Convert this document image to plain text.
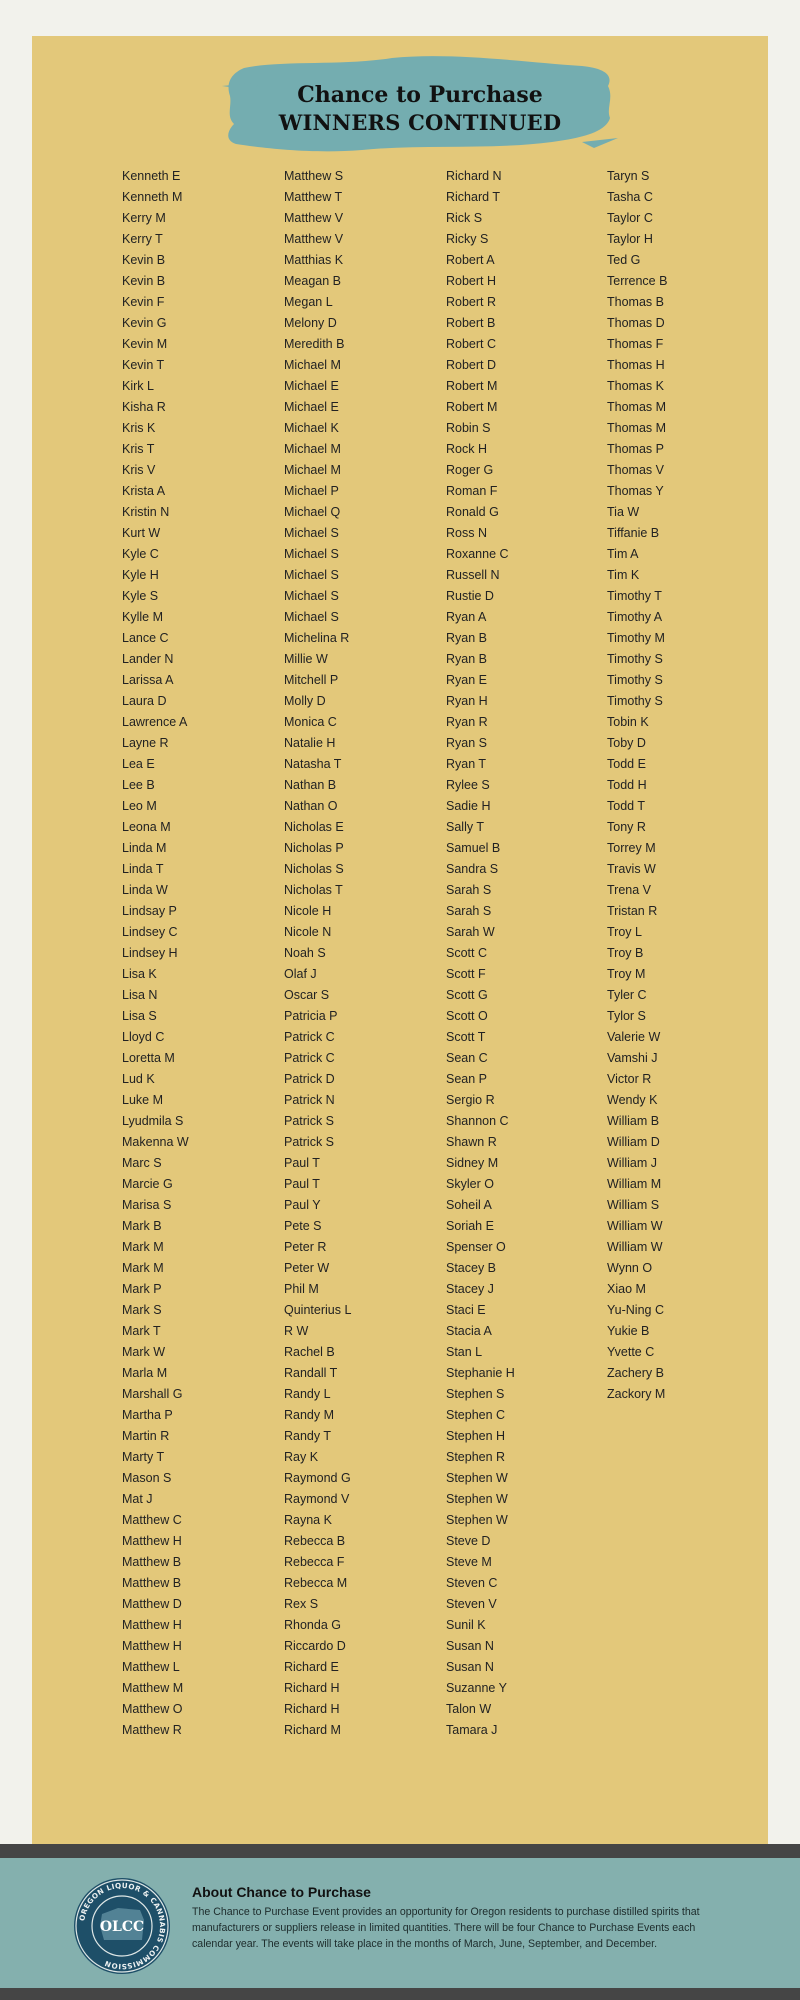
Chance to Purchase
WINNERS CONTINUED
Kenneth E
Kenneth M
Kerry M
Kerry T
Kevin B
Kevin B
Kevin F
Kevin G
Kevin M
Kevin T
Kirk L
Kisha R
Kris K
Kris T
Kris V
Krista A
Kristin N
Kurt W
Kyle C
Kyle H
Kyle S
Kylle M
Lance C
Lander N
Larissa A
Laura D
Lawrence A
Layne R
Lea E
Lee B
Leo M
Leona M
Linda M
Linda T
Linda W
Lindsay P
Lindsey C
Lindsey H
Lisa K
Lisa N
Lisa S
Lloyd C
Loretta M
Lud K
Luke M
Lyudmila S
Makenna W
Marc S
Marcie G
Marisa S
Mark B
Mark M
Mark M
Mark P
Mark S
Mark T
Mark W
Marla M
Marshall G
Martha P
Martin R
Marty T
Mason S
Mat J
Matthew C
Matthew H
Matthew B
Matthew B
Matthew D
Matthew H
Matthew H
Matthew L
Matthew M
Matthew O
Matthew R
Matthew S
Matthew T
Matthew V
Matthew V
Matthias K
Meagan B
Megan L
Melony D
Meredith B
Michael M
Michael E
Michael E
Michael K
Michael M
Michael M
Michael P
Michael Q
Michael S
Michael S
Michael S
Michael S
Michael S
Michelina R
Millie W
Mitchell P
Molly D
Monica C
Natalie H
Natasha T
Nathan B
Nathan O
Nicholas E
Nicholas P
Nicholas S
Nicholas T
Nicole H
Nicole N
Noah S
Olaf J
Oscar S
Patricia P
Patrick C
Patrick C
Patrick D
Patrick N
Patrick S
Patrick S
Paul T
Paul T
Paul Y
Pete S
Peter R
Peter W
Phil M
Quinterius L
R W
Rachel B
Randall T
Randy L
Randy M
Randy T
Ray K
Raymond G
Raymond V
Rayna K
Rebecca B
Rebecca F
Rebecca M
Rex S
Rhonda G
Riccardo D
Richard E
Richard H
Richard H
Richard M
Richard N
Richard T
Rick S
Ricky S
Robert A
Robert H
Robert R
Robert B
Robert C
Robert D
Robert M
Robert M
Robin S
Rock H
Roger G
Roman F
Ronald G
Ross N
Roxanne C
Russell N
Rustie D
Ryan A
Ryan B
Ryan B
Ryan E
Ryan H
Ryan R
Ryan S
Ryan T
Rylee S
Sadie H
Sally T
Samuel B
Sandra S
Sarah S
Sarah S
Sarah W
Scott C
Scott F
Scott G
Scott O
Scott T
Sean C
Sean P
Sergio R
Shannon C
Shawn R
Sidney M
Skyler O
Soheil A
Soriah E
Spenser O
Stacey B
Stacey J
Staci E
Stacia A
Stan L
Stephanie H
Stephen S
Stephen C
Stephen H
Stephen R
Stephen W
Stephen W
Stephen W
Steve D
Steve M
Steven C
Steven V
Sunil K
Susan N
Susan N
Suzanne Y
Talon W
Tamara J
Taryn S
Tasha C
Taylor C
Taylor H
Ted G
Terrence B
Thomas B
Thomas D
Thomas F
Thomas H
Thomas K
Thomas M
Thomas M
Thomas P
Thomas V
Thomas Y
Tia W
Tiffanie B
Tim A
Tim K
Timothy T
Timothy A
Timothy M
Timothy S
Timothy S
Timothy S
Tobin K
Toby D
Todd E
Todd H
Todd T
Tony R
Torrey M
Travis W
Trena V
Tristan R
Troy L
Troy B
Troy M
Tyler C
Tylor S
Valerie W
Vamshi J
Victor R
Wendy K
William B
William D
William J
William M
William S
William W
William W
Wynn O
Xiao M
Yu-Ning C
Yukie B
Yvette C
Zachery B
Zackory M
OREGON LIQUOR & CANNABIS COMMISSION
OLCC
About Chance to Purchase

The Chance to Purchase Event provides an opportunity for Oregon residents to purchase distilled spirits that manufacturers or suppliers release in limited quantities. There will be four Chance to Purchase Events each calendar year. The events will take place in the months of March, June, September, and December.
